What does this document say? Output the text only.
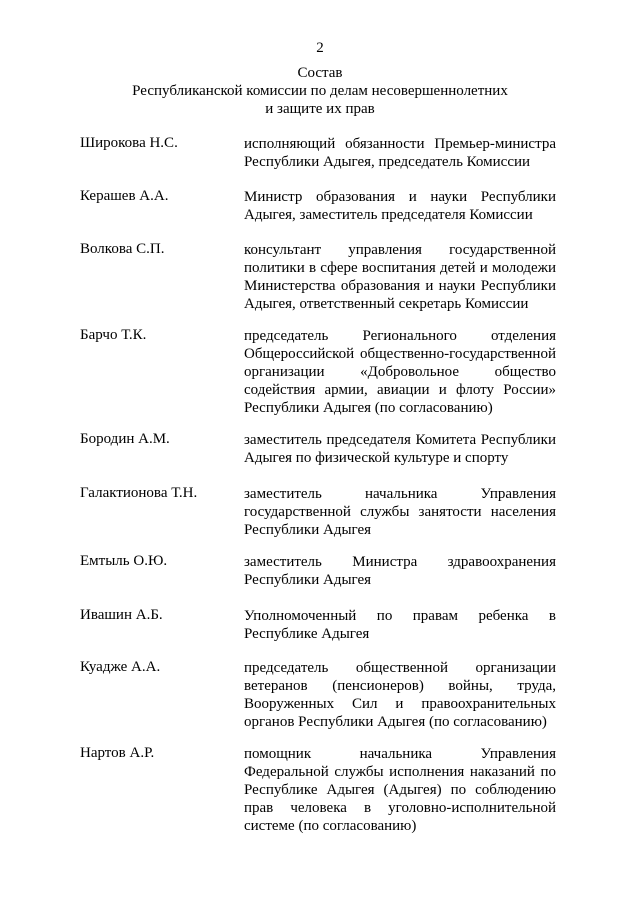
2
Состав
Республиканской комиссии по делам несовершеннолетних
и защите их прав
Широкова Н.С.	исполняющий обязанности Премьер-министра
Республики Адыгея, председатель Комиссии
Керашев А.А.	Министр образования и науки Республики
Адыгея, заместитель председателя Комиссии
Волкова С.П.	консультант управления государственной
политики в сфере воспитания детей и молодежи
Министерства образования и науки Республики
Адыгея, ответственный секретарь Комиссии
Барчо Т.К.	председатель Регионального отделения
Общероссийской общественно-государственной
организации «Добровольное общество
содействия армии, авиации и флоту России»
Республики Адыгея (по согласованию)
Бородин А.М.	заместитель председателя Комитета Республики
Адыгея по физической культуре и спорту
Галактионова Т.Н.	заместитель начальника Управления
государственной службы занятости населения
Республики Адыгея
Емтыль О.Ю.	заместитель Министра здравоохранения
Республики Адыгея
Ивашин А.Б.	Уполномоченный по правам ребенка в
Республике Адыгея
Куадже А.А.	председатель общественной организации
ветеранов (пенсионеров) войны, труда,
Вооруженных Сил и правоохранительных
органов Республики Адыгея (по согласованию)
Нартов А.Р.	помощник начальника Управления
Федеральной службы исполнения наказаний по
Республике Адыгея (Адыгея) по соблюдению
прав человека в уголовно-исполнительной
системе (по согласованию)
